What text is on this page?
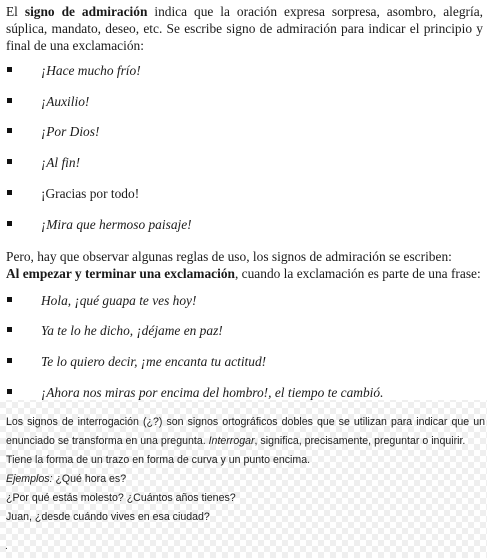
El signo de admiración indica que la oración expresa sorpresa, asombro, alegría, súplica, mandato, deseo, etc. Se escribe signo de admiración para indicar el principio y final de una exclamación:

¡Hace mucho frío!
¡Auxilio!
¡Por Dios!
¡Al fin!
¡Gracias por todo!
¡Mira que hermoso paisaje!
Pero, hay que observar algunas reglas de uso, los signos de admiración se escriben:
Al empezar y terminar una exclamación, cuando la exclamación es parte de una frase:
Hola, ¡qué guapa te ves hoy!
Ya te lo he dicho, ¡déjame en paz!
Te lo quiero decir, ¡me encanta tu actitud!
¡Ahora nos miras por encima del hombro!, el tiempo te cambió.
Los signos de interrogación (¿?) son signos ortográficos dobles que se utilizan para indicar que un
enunciado se transforma en una pregunta. Interrogar, significa, precisamente, preguntar o inquirir.
Tiene la forma de un trazo en forma de curva y un punto encima.
Ejemplos: ¿Qué hora es?
¿Por qué estás molesto? ¿Cuántos años tienes?
Juan, ¿desde cuándo vives en esa ciudad?
.
